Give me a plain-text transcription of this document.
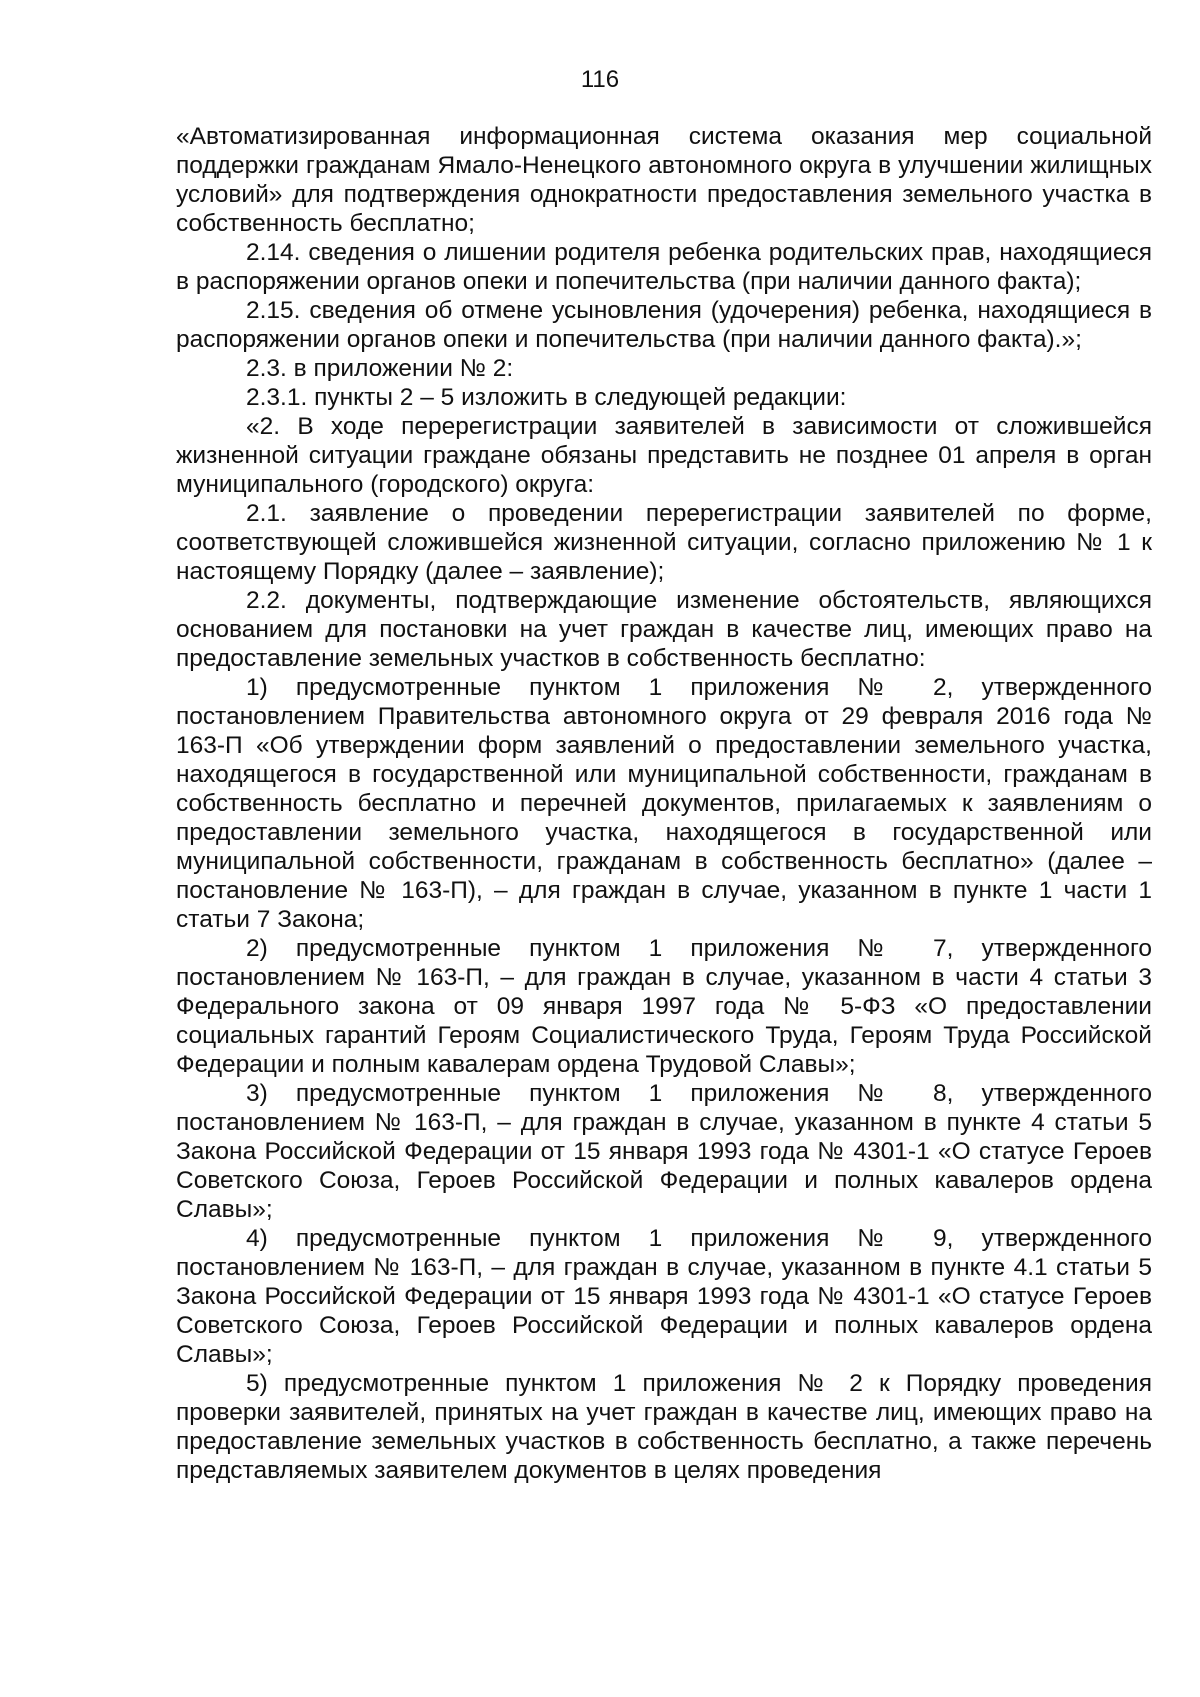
116

«Автоматизированная информационная система оказания мер социальной поддержки гражданам Ямало-Ненецкого автономного округа в улучшении жилищных условий» для подтверждения однократности предоставления земельного участка в собственность бесплатно;

2.14. сведения о лишении родителя ребенка родительских прав, находящиеся в распоряжении органов опеки и попечительства (при наличии данного факта);

2.15. сведения об отмене усыновления (удочерения) ребенка, находящиеся в распоряжении органов опеки и попечительства (при наличии данного факта).»;

2.3. в приложении № 2:

2.3.1. пункты 2 – 5 изложить в следующей редакции:

«2. В ходе перерегистрации заявителей в зависимости от сложившейся жизненной ситуации граждане обязаны представить не позднее 01 апреля в орган муниципального (городского) округа:

2.1. заявление о проведении перерегистрации заявителей по форме, соответствующей сложившейся жизненной ситуации, согласно приложению № 1 к настоящему Порядку (далее – заявление);

2.2. документы, подтверждающие изменение обстоятельств, являющихся основанием для постановки на учет граждан в качестве лиц, имеющих право на предоставление земельных участков в собственность бесплатно:

1) предусмотренные пунктом 1 приложения № 2, утвержденного постановлением Правительства автономного округа от 29 февраля 2016 года № 163-П «Об утверждении форм заявлений о предоставлении земельного участка, находящегося в государственной или муниципальной собственности, гражданам в собственность бесплатно и перечней документов, прилагаемых к заявлениям о предоставлении земельного участка, находящегося в государственной или муниципальной собственности, гражданам в собственность бесплатно» (далее – постановление № 163-П), – для граждан в случае, указанном в пункте 1 части 1 статьи 7 Закона;

2) предусмотренные пунктом 1 приложения № 7, утвержденного постановлением № 163-П, – для граждан в случае, указанном в части 4 статьи 3 Федерального закона от 09 января 1997 года № 5-ФЗ «О предоставлении социальных гарантий Героям Социалистического Труда, Героям Труда Российской Федерации и полным кавалерам ордена Трудовой Славы»;

3) предусмотренные пунктом 1 приложения № 8, утвержденного постановлением № 163-П, – для граждан в случае, указанном в пункте 4 статьи 5 Закона Российской Федерации от 15 января 1993 года № 4301-1 «О статусе Героев Советского Союза, Героев Российской Федерации и полных кавалеров ордена Славы»;

4) предусмотренные пунктом 1 приложения № 9, утвержденного постановлением № 163-П, – для граждан в случае, указанном в пункте 4.1 статьи 5 Закона Российской Федерации от 15 января 1993 года № 4301-1 «О статусе Героев Советского Союза, Героев Российской Федерации и полных кавалеров ордена Славы»;

5) предусмотренные пунктом 1 приложения № 2 к Порядку проведения проверки заявителей, принятых на учет граждан в качестве лиц, имеющих право на предоставление земельных участков в собственность бесплатно, а также перечень представляемых заявителем документов в целях проведения
